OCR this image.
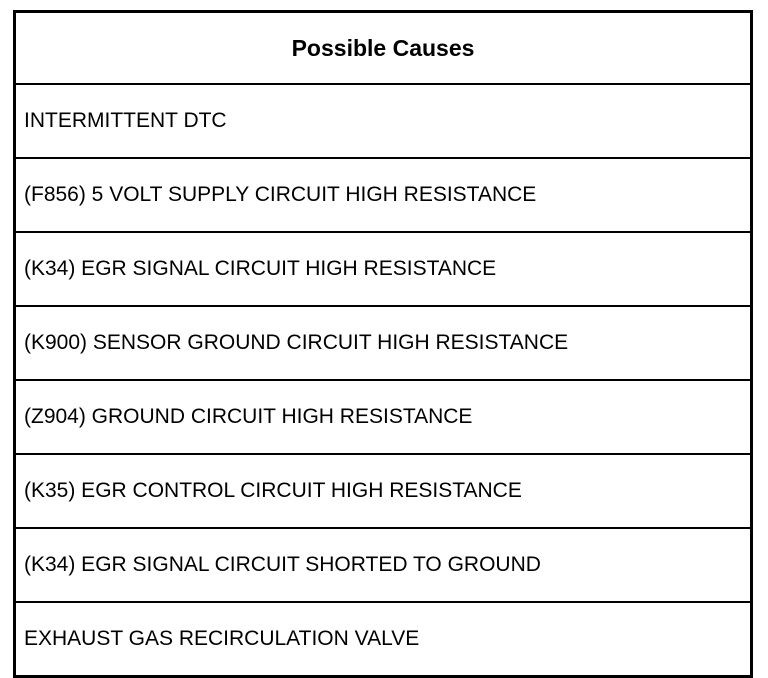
Possible Causes
INTERMITTENT DTC
(F856) 5 VOLT SUPPLY CIRCUIT HIGH RESISTANCE
(K34) EGR SIGNAL CIRCUIT HIGH RESISTANCE
(K900) SENSOR GROUND CIRCUIT HIGH RESISTANCE
(Z904) GROUND CIRCUIT HIGH RESISTANCE
(K35) EGR CONTROL CIRCUIT HIGH RESISTANCE
(K34) EGR SIGNAL CIRCUIT SHORTED TO GROUND
EXHAUST GAS RECIRCULATION VALVE
